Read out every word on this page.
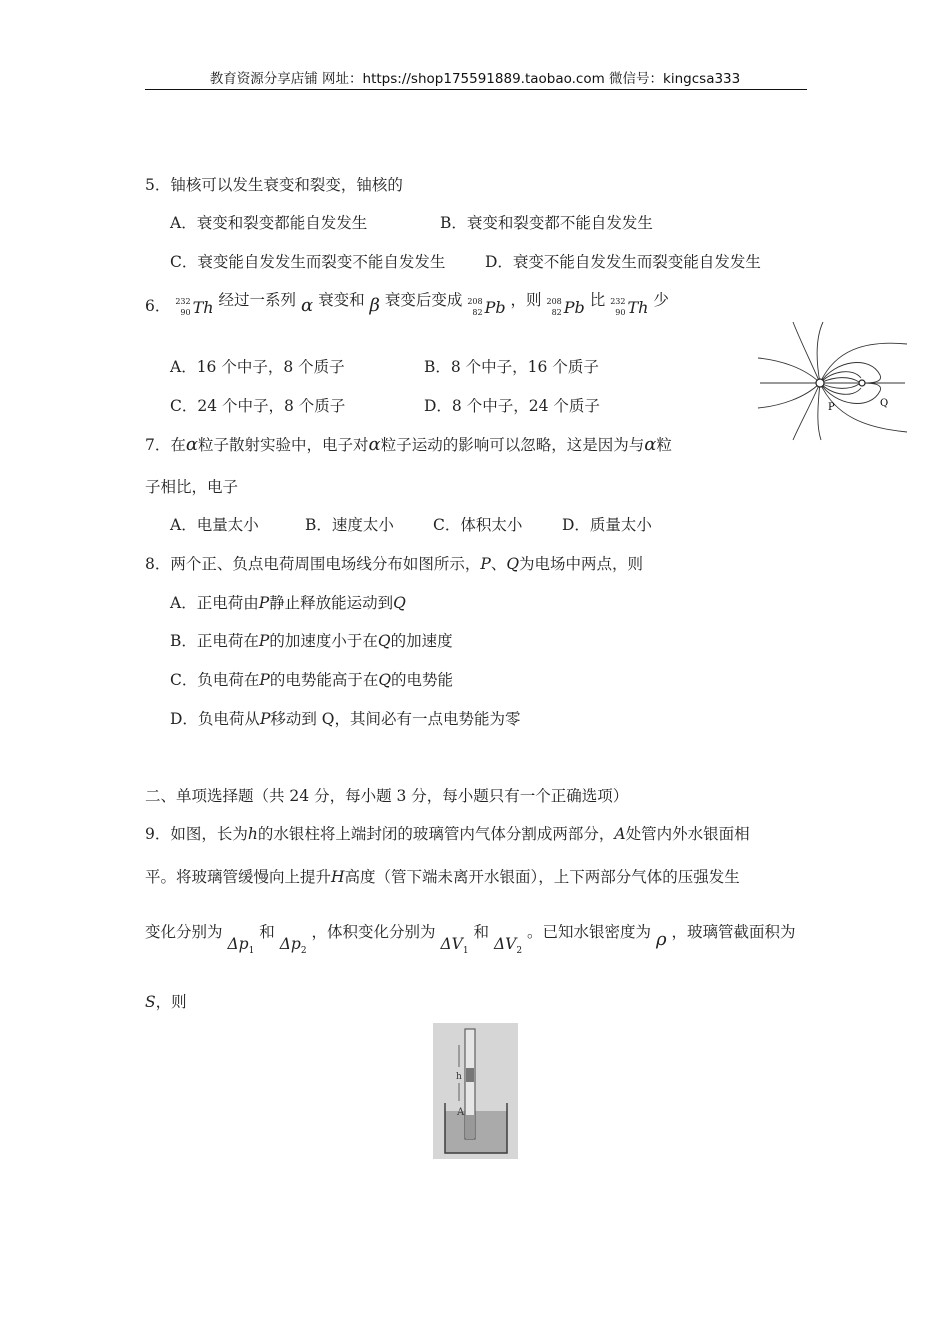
教育资源分享店铺 网址：https://shop175591889.taobao.com 微信号：kingcsa333
5．铀核可以发生衰变和裂变，铀核的
A．衰变和裂变都能自发发生	B．衰变和裂变都不能自发发生
C．衰变能自发发生而裂变不能自发发生	D．衰变不能自发发生而裂变能自发发生
6． 232
90 Th 经过一系列 α 衰变和 β 衰变后变成 208
82 Pb ，则 208
82 Pb 比 232
90 Th 少
A．16 个中子，8 个质子	B．8 个中子，16 个质子
C．24 个中子，8 个质子	D．8 个中子，24 个质子	P	Q
7．在α粒子散射实验中，电子对α粒子运动的影响可以忽略，这是因为与α粒
子相比，电子
A．电量太小	B．速度太小	C．体积太小	D．质量太小
8．两个正、负点电荷周围电场线分布如图所示，P、Q为电场中两点，则
A．正电荷由P静止释放能运动到Q
B．正电荷在P的加速度小于在Q的加速度
C．负电荷在P的电势能高于在Q的电势能
D．负电荷从P移动到 Q，其间必有一点电势能为零
二、单项选择题（共 24 分，每小题 3 分，每小题只有一个正确选项）
9．如图，长为h的水银柱将上端封闭的玻璃管内气体分割成两部分，A处管内外水银面相
平。将玻璃管缓慢向上提升H高度（管下端未离开水银面），上下两部分气体的压强发生
变化分别为 $\Delta p_1$ 和 $\Delta p_2$ ，体积变化分别为 $\Delta V_1$ 和 $\Delta V_2$ 。已知水银密度为 ρ ，玻璃管截面积为
S，则
h
A
